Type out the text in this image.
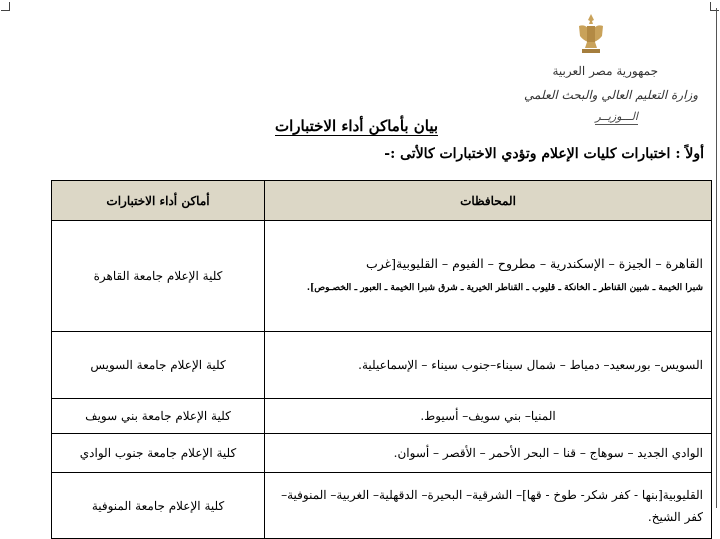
جمهورية مصر العربية
وزارة التعليم العالي والبحث العلمي
الـــوزيــر
بيان بأماكن أداء الاختبارات
أولاً : اختبارات كليات الإعلام وتؤدي الاختبارات كالأتى :-
المحافظات	أماكن أداء الاختبارات
القاهرة – الجيزة – الإسكندرية – مطروح – الفيوم – القليوبية[غرب
شبرا الخيمة ـ شبين القناطر ـ الخانكة ـ قليوب ـ القناطر الخيرية ـ شرق شبرا الخيمة ـ العبور ـ الخصـوص].	كلية الإعلام جامعة القاهرة
السويس– بورسعيد– دمياط – شمال سيناء–جنوب سيناء – الإسماعيلية.	كلية الإعلام جامعة السويس
المنيا– بني سويف– أسيوط.	كلية الإعلام جامعة بني سويف
الوادي الجديد – سوهاج – قنا – البحر الأحمر – الأقصر – أسوان.	كلية الإعلام جامعة جنوب الوادي
القليوبية[بنها - كفر شكر- طوخ - قها]– الشرقية– البحيرة– الدقهلية– الغربية– المنوفية– كفر الشيخ.	كلية الإعلام جامعة المنوفية
